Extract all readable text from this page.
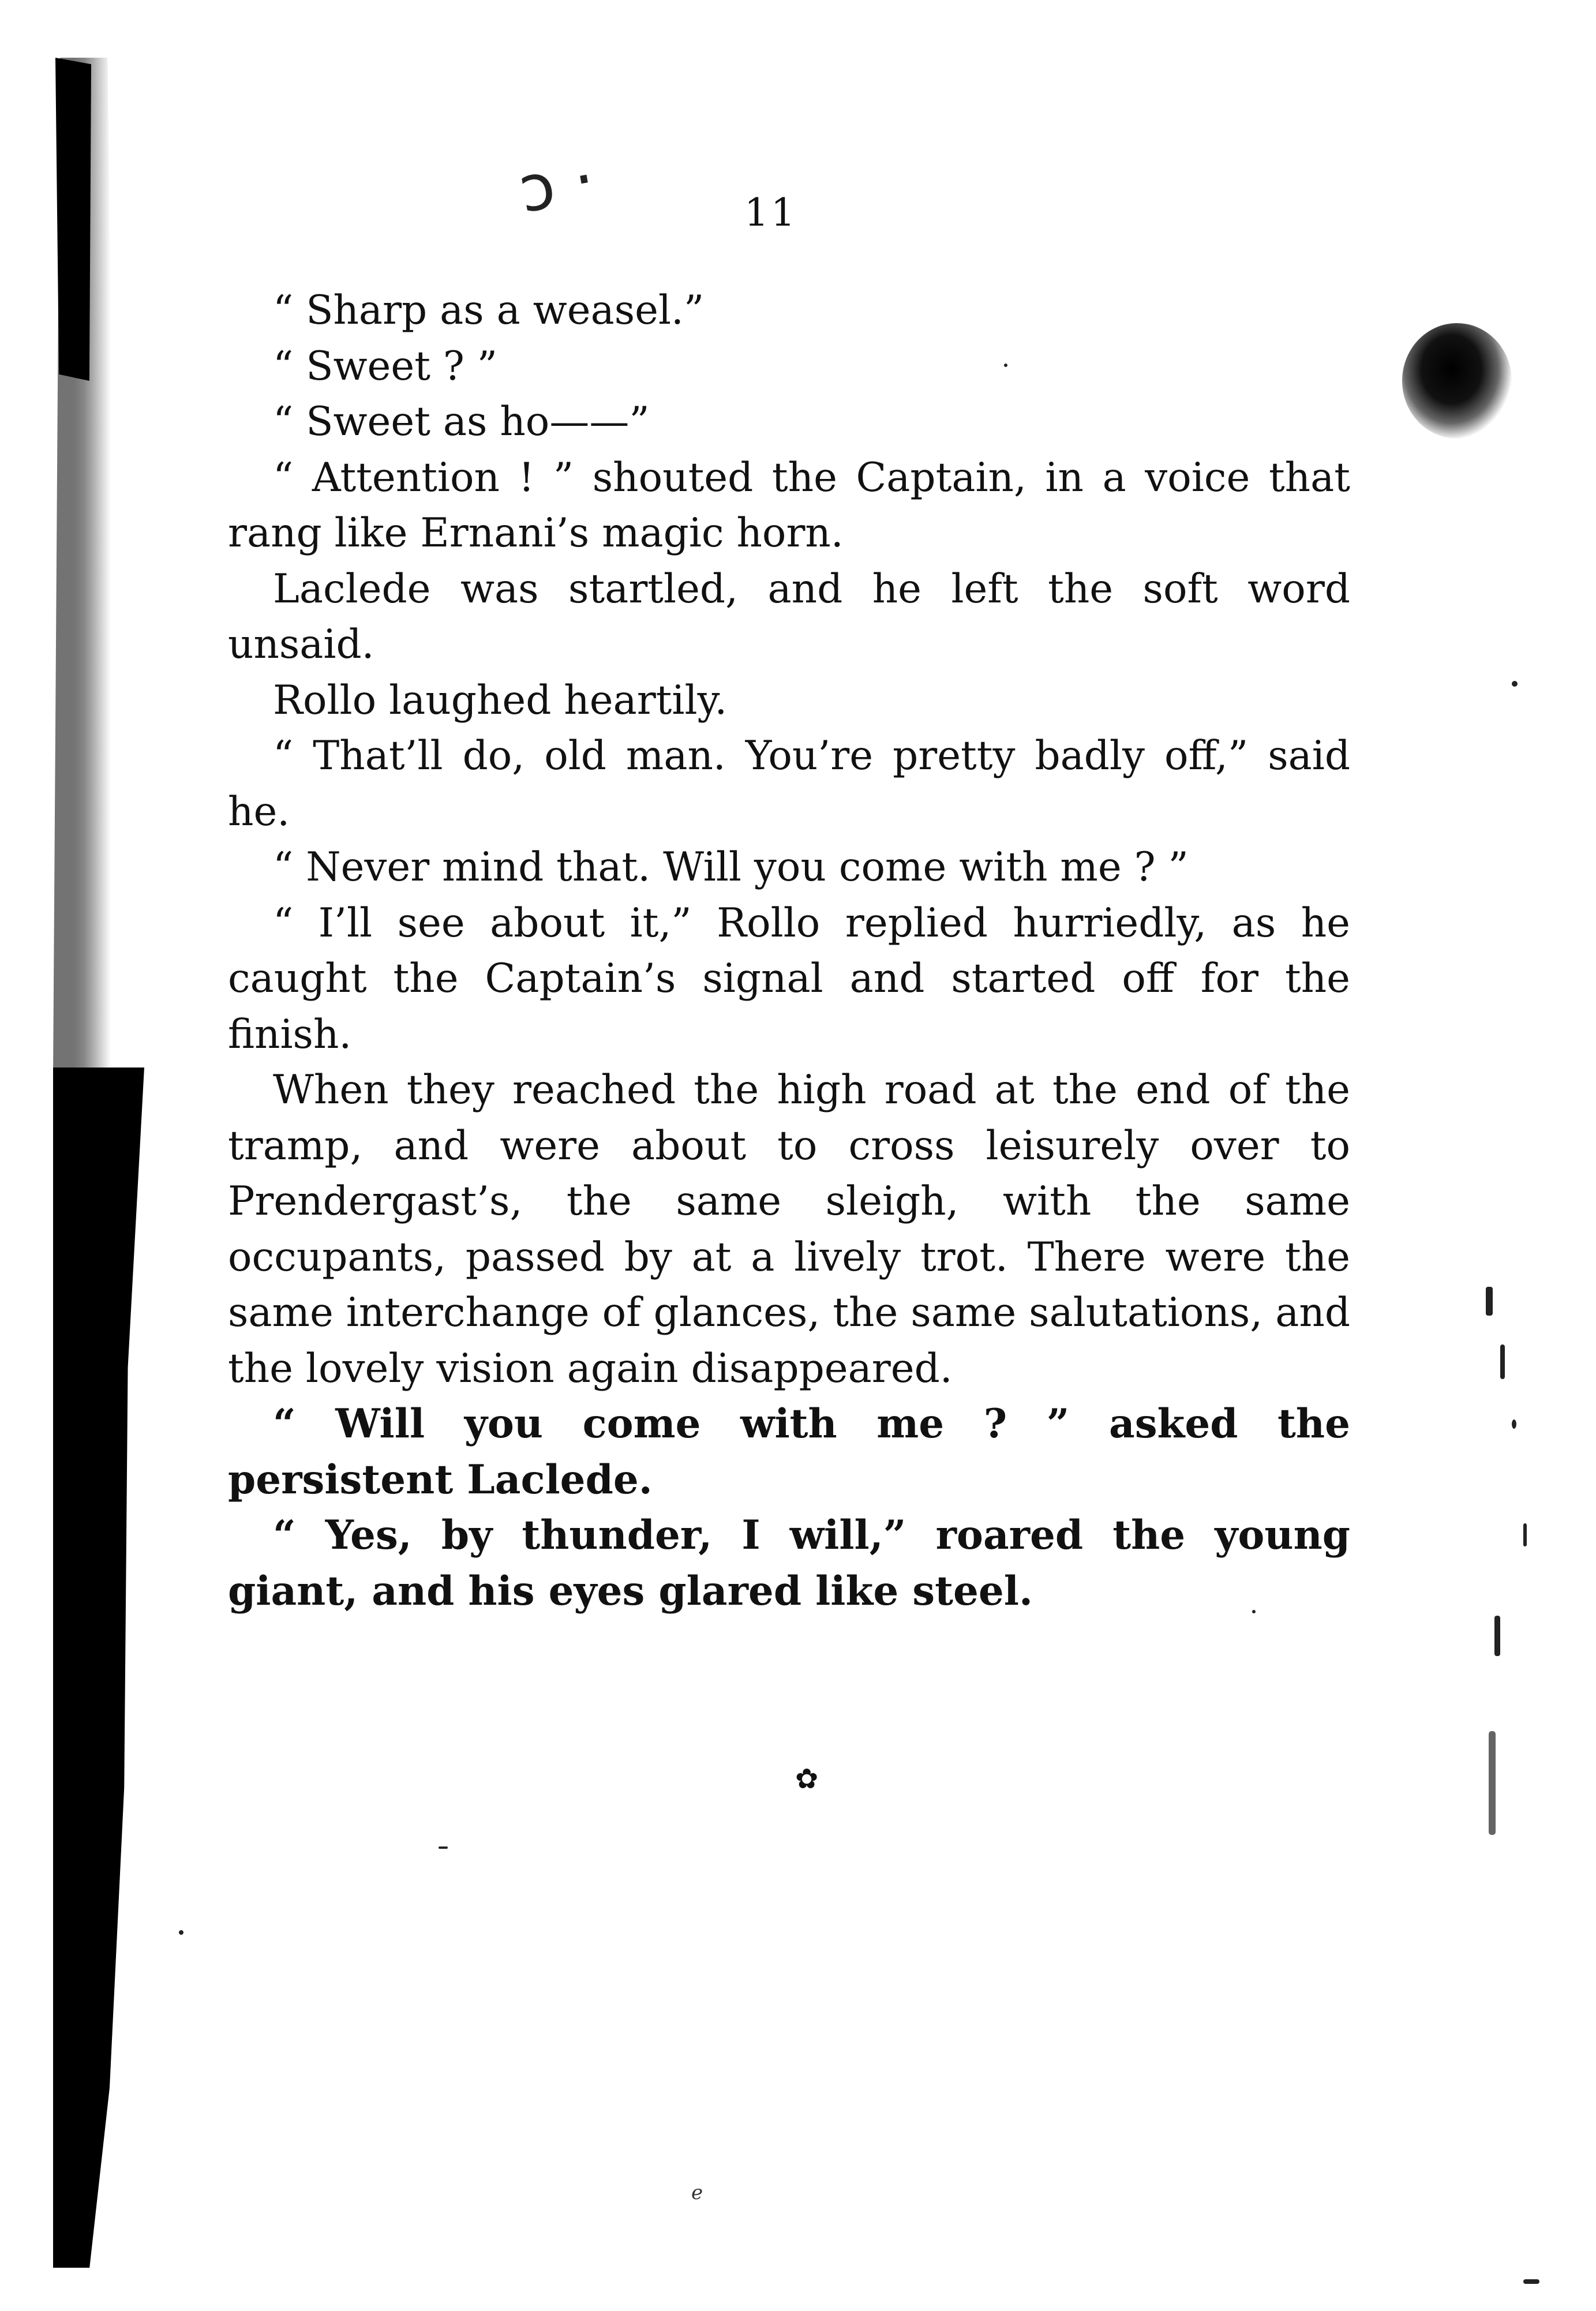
ↄ ·	11

“ Sharp as a weasel.”

“ Sweet ? ”

“ Sweet as ho——”

“ Attention ! ” shouted the Captain, in a voice that rang like Ernani’s magic horn.

Laclede was startled, and he left the soft word unsaid.

Rollo laughed heartily.

“ That’ll do, old man. You’re pretty badly off,” said he.

“ Never mind that. Will you come with me ? ”

“ I’ll see about it,” Rollo replied hurriedly, as he caught the Captain’s signal and started off for the finish.

When they reached the high road at the end of the tramp, and were about to cross leisurely over to Prendergast’s, the same sleigh, with the same occupants, passed by at a lively trot. There were the same interchange of glances, the same salutations, and the lovely vision again disappeared.

“ Will you come with me ? ” asked the persistent Laclede.

“ Yes, by thunder, I will,” roared the young giant, and his eyes glared like steel.

✿
e
